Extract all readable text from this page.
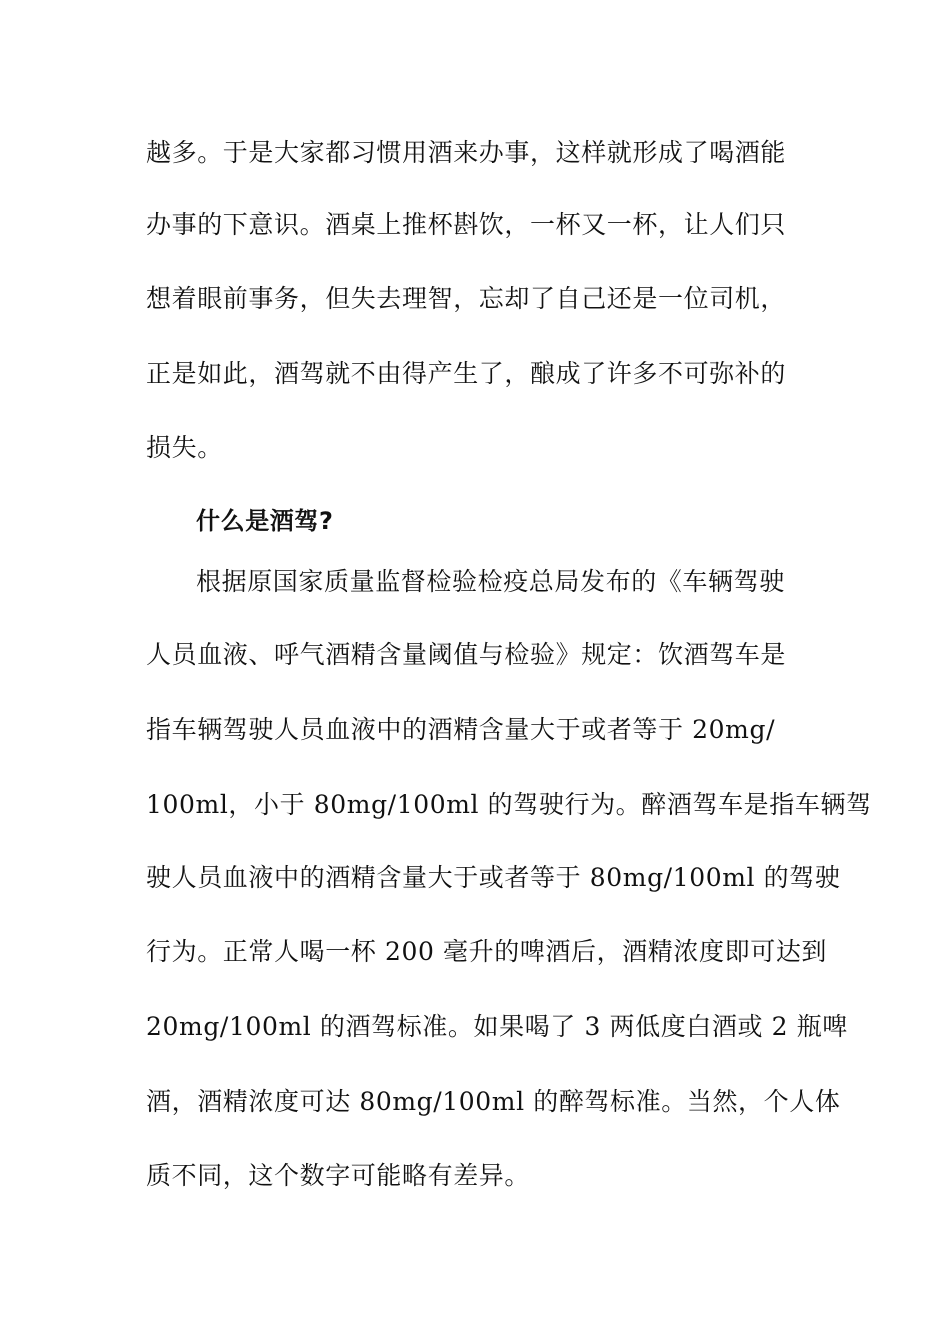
越多。于是大家都习惯用酒来办事，这样就形成了喝酒能
办事的下意识。酒桌上推杯斟饮，一杯又一杯，让人们只
想着眼前事务，但失去理智，忘却了自己还是一位司机，
正是如此，酒驾就不由得产生了，酿成了许多不可弥补的
损失。
什么是酒驾?
根据原国家质量监督检验检疫总局发布的《车辆驾驶
人员血液、呼气酒精含量阈值与检验》规定：饮酒驾车是
指车辆驾驶人员血液中的酒精含量大于或者等于 20mg/
100ml，小于 80mg/100ml 的驾驶行为。醉酒驾车是指车辆驾
驶人员血液中的酒精含量大于或者等于 80mg/100ml 的驾驶
行为。正常人喝一杯 200 毫升的啤酒后，酒精浓度即可达到
20mg/100ml 的酒驾标准。如果喝了 3 两低度白酒或 2 瓶啤
酒，酒精浓度可达 80mg/100ml 的醉驾标准。当然，个人体
质不同，这个数字可能略有差异。
